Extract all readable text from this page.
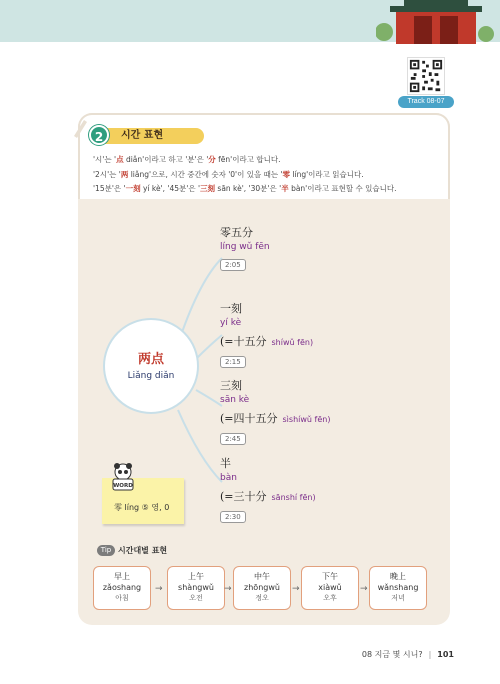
Track 08-07
2	시간 표현
'시'는 '点 diǎn'이라고 하고 '분'은 '分 fēn'이라고 합니다.
'2시'는 '两 liǎng'으로, 시간 중간에 숫자 '0'이 있을 때는 '零 líng'이라고 읽습니다.
'15분'은 '一刻 yí kè', '45분'은 '三刻 sān kè', '30분'은 '半 bàn'이라고 표현할 수 있습니다.
两点
Liǎng diǎn
零五分
líng wǔ fēn
2:05
一刻
yí kè
(=十五分 shíwǔ fēn)
2:15
三刻
sān kè
(=四十五分 sìshíwǔ fēn)
2:45
半
bàn
(=三十分 sānshí fēn)
2:30
零 líng ⑤ 영, 0
WORD
Tip 시간대별 표현
早上
zǎoshang
아침
→
上午
shàngwǔ
오전
→
中午
zhōngwǔ
정오
→
下午
xiàwǔ
오후
→
晚上
wǎnshang
저녁
08 지금 몇 시니? | 101
